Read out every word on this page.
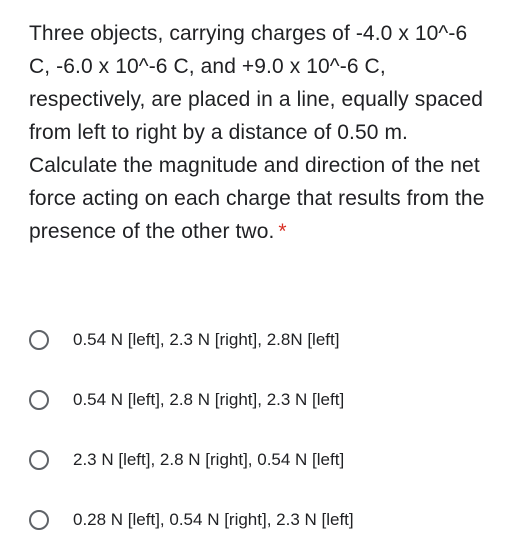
Three objects, carrying charges of -4.0 x 10^-6 C, -6.0 x 10^-6 C, and +9.0 x 10^-6 C, respectively, are placed in a line, equally spaced from left to right by a distance of 0.50 m. Calculate the magnitude and direction of the net force acting on each charge that results from the presence of the other two. *
0.54 N [left], 2.3 N [right], 2.8N [left]
0.54 N [left], 2.8 N [right], 2.3 N [left]
2.3 N [left], 2.8 N [right], 0.54 N [left]
0.28 N [left], 0.54 N [right], 2.3 N [left]
